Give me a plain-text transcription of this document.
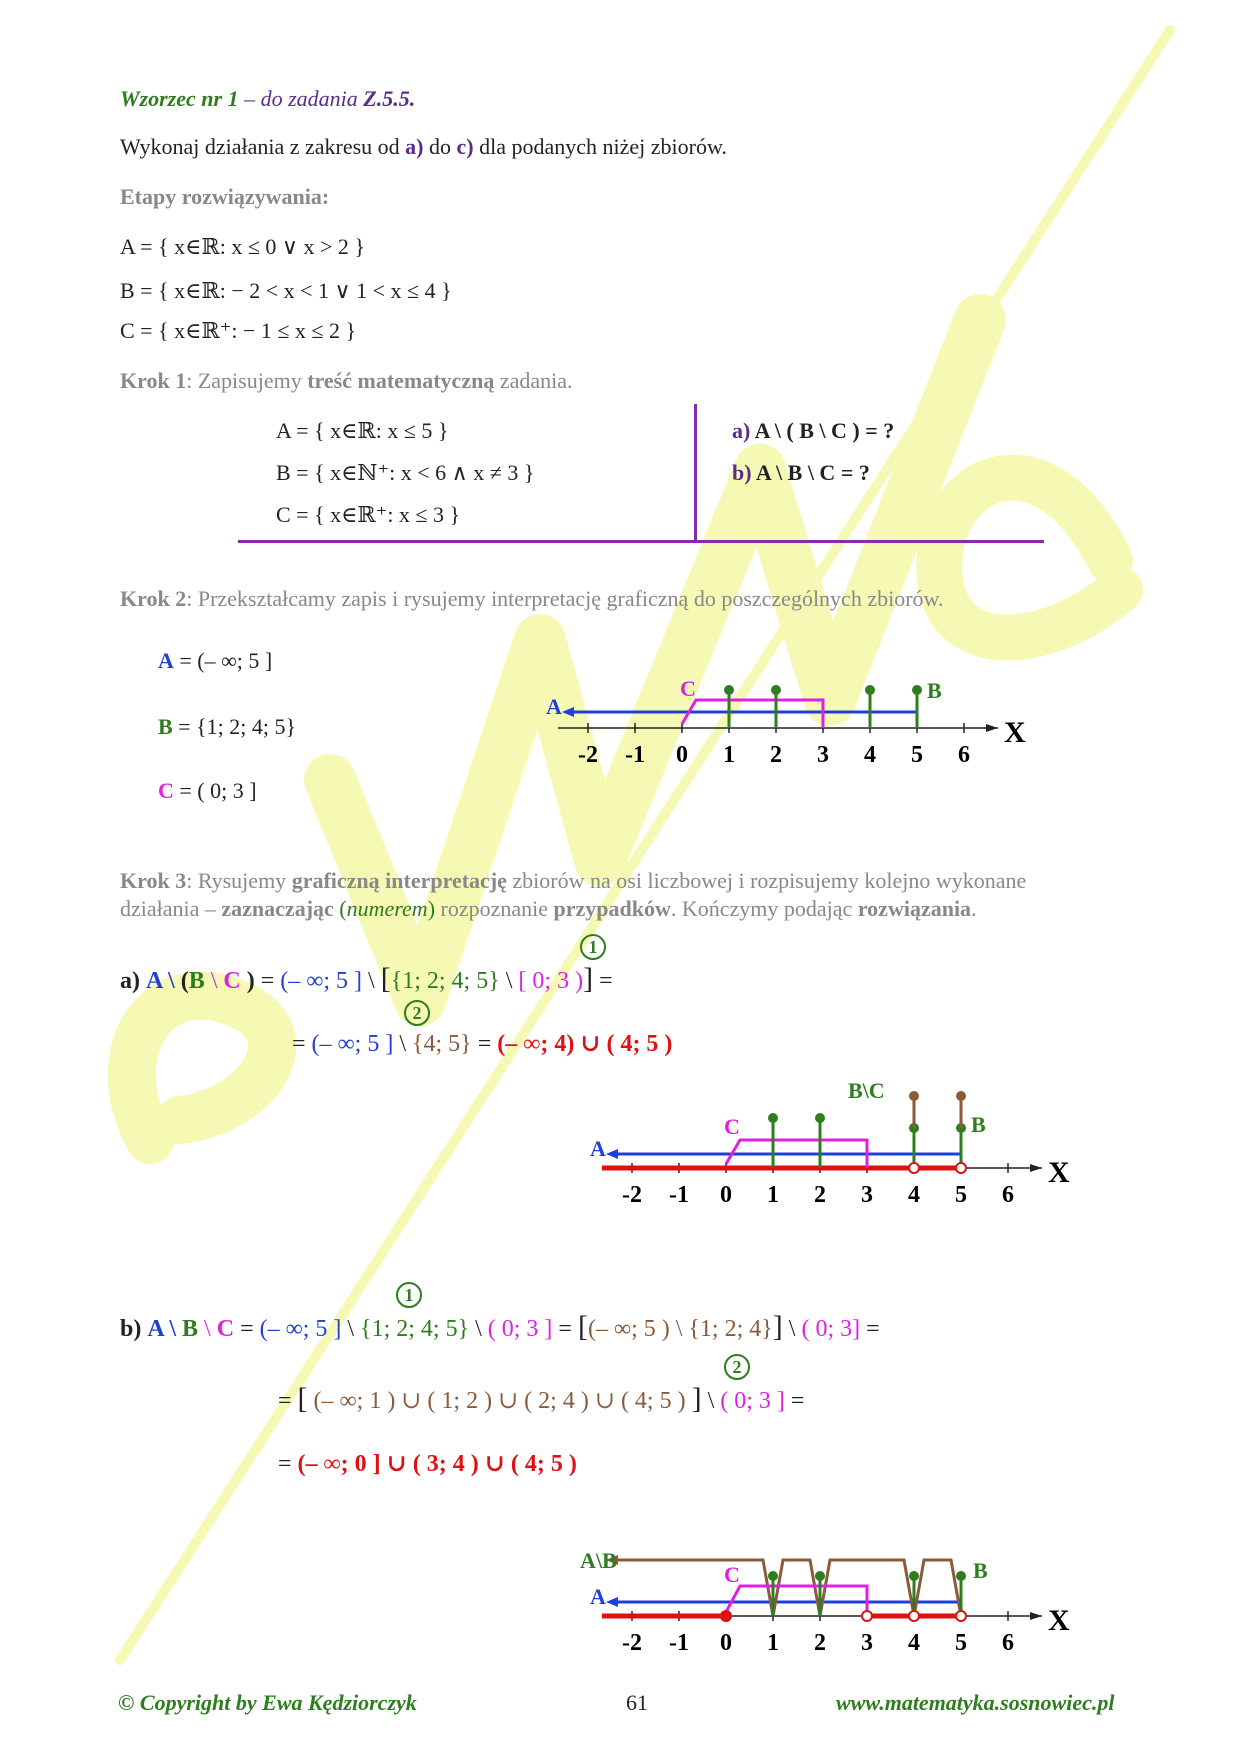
Wzorzec nr 1 – do zadania Z.5.5.
Wykonaj działania z zakresu od a) do c) dla podanych niżej zbiorów.
Etapy rozwiązywania:
A = { x∈ℝ: x ≤ 0 ∨ x > 2 }
B = { x∈ℝ: − 2 < x < 1 ∨ 1 < x ≤ 4 }
C = { x∈ℝ⁺: − 1 ≤ x ≤ 2 }
Krok 1: Zapisujemy treść matematyczną zadania.
A = { x∈ℝ: x ≤ 5 }
B = { x∈ℕ⁺: x < 6 ∧ x ≠ 3 }
C = { x∈ℝ⁺: x ≤ 3 }
a) A \ ( B \ C ) = ?
b) A \ B \ C = ?
Krok 2: Przekształcamy zapis i rysujemy interpretację graficzną do poszczególnych zbiorów.
A = (– ∞; 5 ]
B = {1; 2; 4; 5}
C = ( 0; 3 ]
X
-2 -1 0 1 2 3 4 5 6
A
C	B
Krok 3: Rysujemy graficzną interpretację zbiorów na osi liczbowej i rozpisujemy kolejno wykonane
działania – zaznaczając (numerem) rozpoznanie przypadków. Kończymy podając rozwiązania.
1
a) A \ (B \ C ) = (– ∞; 5 ] \ [{1; 2; 4; 5} \ [ 0; 3 )] =
2
= (– ∞; 5 ] \ {4; 5} = (– ∞; 4) ∪ ( 4; 5 )
X
-2 -1 0 1 2 3 4 5 6
A
C	B
B\C
1
b) A \ B \ C = (– ∞; 5 ] \ {1; 2; 4; 5} \ ( 0; 3 ] = [(– ∞; 5 ) \ {1; 2; 4}] \ ( 0; 3] =
2
= [ (– ∞; 1 ) ∪ ( 1; 2 ) ∪ ( 2; 4 ) ∪ ( 4; 5 ) ] \ ( 0; 3 ] =
= (– ∞; 0 ] ∪ ( 3; 4 ) ∪ ( 4; 5 )
X
-2 -1 0 1 2 3 4 5 6
A
A\B
C	B
© Copyright by Ewa Kędziorczyk	61	www.matematyka.sosnowiec.pl
